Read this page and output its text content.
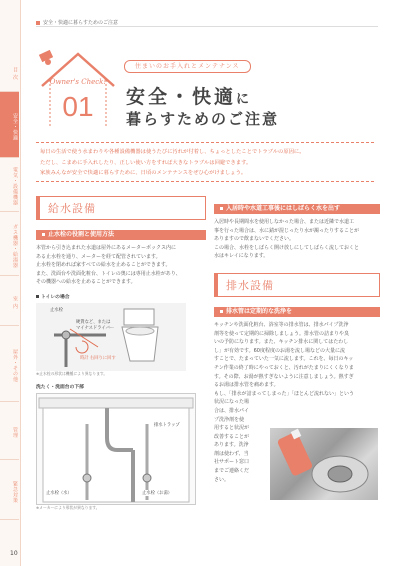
目 次
安全・快適
電気・設備機器
ガス機器・給湯器
室 内
屋外・その他
管理
緊急対策
安全・快適に暮らすためのご注意
Owner's Check!
01
住まいのお手入れとメンテナンス
安全・快適に
暮らすためのご注意
毎日の生活で使う水まわりや各種設備機器は使うたびに汚れが付着し、ちょっとしたことでトラブルの原因に。
ただし、こまめに手入れしたり、正しい使い方をすれば大きなトラブルは回避できます。
家族みんなが安全で快適に暮らすために、日頃のメンテナンスをぜひ心がけましょう。
給水設備
止水栓の役割と使用方法
本管から引き込まれた水道は屋外にあるメーターボックス内に
ある止水栓を通り、メーターを経て配管されています。
止水栓を閉めれば家すべての給水を止めることができます。
また、洗面台や洗面化粧台、トイレの奥には専用止水栓があり、
その機器への給水を止めることができます。
トイレの場合
止水栓
硬貨など、または
マイナスドライバー
時計 右回りに回す
※止水栓の形状は機種により異なります。
洗たく・洗面台の下部
排水トラップ
止水栓（水）	止水栓（お湯）
※メーカーにより形状が異なります。
入居時や水道工事後にはしばらく水を出す
入居時や長期間水を使用しなかった場合、または近隣で水道工
事を行った場合は、水に錆が混じったり水が濁ったりすることが
ありますので飲まないでください。
この場合、水栓をしばらく開け放しにしてしばらく流しておくと
水はキレイになります。
排水設備
排水管は定期的な洗浄を
キッチンや洗面化粧台、浴室等の排水管は、排水パイプ洗浄
剤等を使って定期的に掃除しましょう。排水管の詰まりや臭
いの予防になります。また、キッチン排水に関してはたわし
し」が有効です。60度程度のお湯を流し場などの大量に流
すことで、たまっていた一気に流します。これを、毎日のキッ
チン作業の終了時にやっておくと、汚れがたまりにくくなりま
す。その際、お湯が熱すぎないように注意しましょう。熱すぎ
るお湯は排水管を痛めます。
もし、「排水が詰まってしまった」「ほとんど流れない」という
状況になった場
合は、排水パイ
プ洗浄剤を使
用すると状況が
改善することが
あります。洗浄
剤は使わず、当
社サポート窓口
までご連絡くだ
さい。
10
